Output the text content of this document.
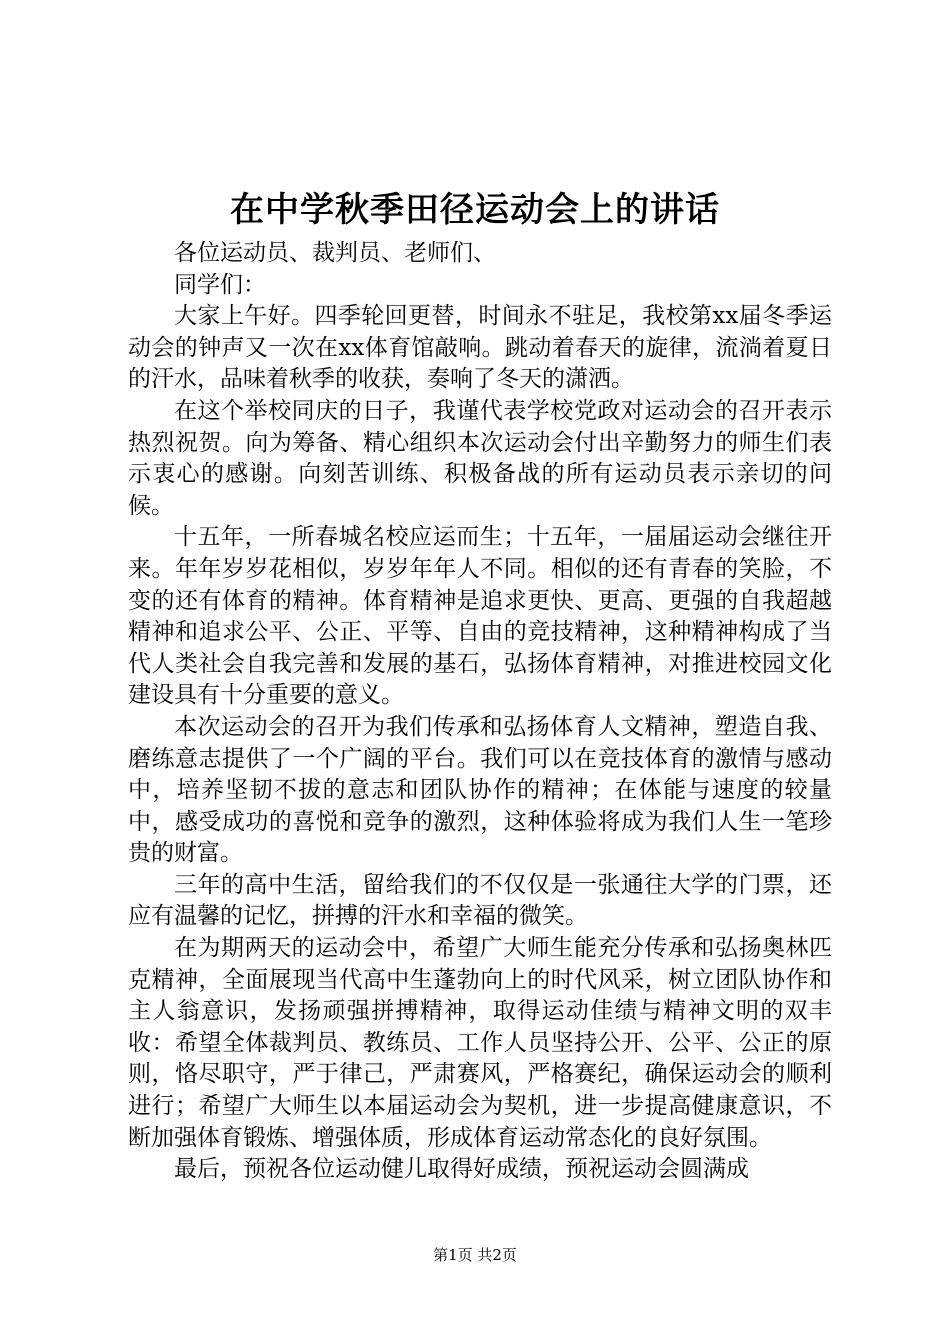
在中学秋季田径运动会上的讲话

各位运动员、裁判员、老师们、

同学们：

大家上午好。四季轮回更替，时间永不驻足，我校第xx届冬季运动会的钟声又一次在xx体育馆敲响。跳动着春天的旋律，流淌着夏日的汗水，品味着秋季的收获，奏响了冬天的潇洒。

在这个举校同庆的日子，我谨代表学校党政对运动会的召开表示热烈祝贺。向为筹备、精心组织本次运动会付出辛勤努力的师生们表示衷心的感谢。向刻苦训练、积极备战的所有运动员表示亲切的问候。

十五年，一所春城名校应运而生；十五年，一届届运动会继往开来。年年岁岁花相似，岁岁年年人不同。相似的还有青春的笑脸，不变的还有体育的精神。体育精神是追求更快、更高、更强的自我超越精神和追求公平、公正、平等、自由的竞技精神，这种精神构成了当代人类社会自我完善和发展的基石，弘扬体育精神，对推进校园文化建设具有十分重要的意义。

本次运动会的召开为我们传承和弘扬体育人文精神，塑造自我、磨练意志提供了一个广阔的平台。我们可以在竞技体育的激情与感动中，培养坚韧不拔的意志和团队协作的精神；在体能与速度的较量中，感受成功的喜悦和竞争的激烈，这种体验将成为我们人生一笔珍贵的财富。

三年的高中生活，留给我们的不仅仅是一张通往大学的门票，还应有温馨的记忆，拼搏的汗水和幸福的微笑。

在为期两天的运动会中，希望广大师生能充分传承和弘扬奥林匹克精神，全面展现当代高中生蓬勃向上的时代风采，树立团队协作和主人翁意识，发扬顽强拼搏精神，取得运动佳绩与精神文明的双丰收：希望全体裁判员、教练员、工作人员坚持公开、公平、公正的原则，恪尽职守，严于律己，严肃赛风，严格赛纪，确保运动会的顺利进行；希望广大师生以本届运动会为契机，进一步提高健康意识，不断加强体育锻炼、增强体质，形成体育运动常态化的良好氛围。

最后，预祝各位运动健儿取得好成绩，预祝运动会圆满成

第1页 共2页
